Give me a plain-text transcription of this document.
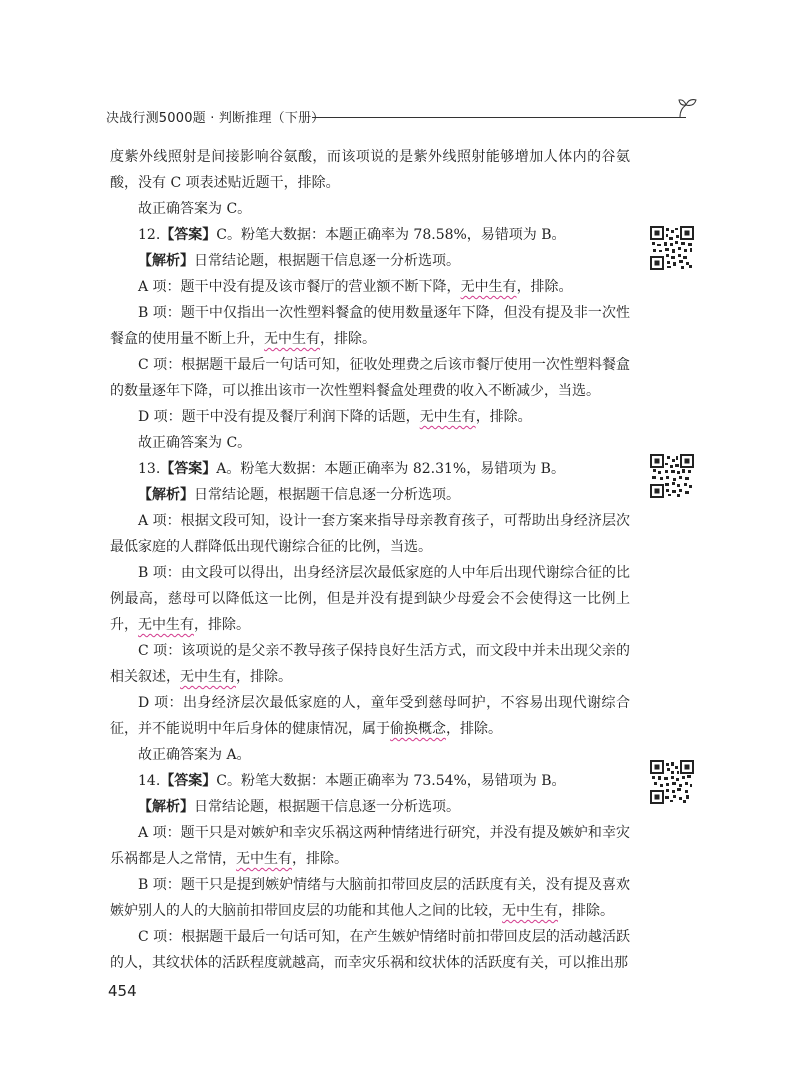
决战行测5000题 · 判断推理（下册）

度紫外线照射是间接影响谷氨酸，而该项说的是紫外线照射能够增加人体内的谷氨酸，没有 C 项表述贴近题干，排除。

故正确答案为 C。

12.【答案】C。粉笔大数据：本题正确率为 78.58%，易错项为 B。

【解析】日常结论题，根据题干信息逐一分析选项。

A 项：题干中没有提及该市餐厅的营业额不断下降，无中生有，排除。

B 项：题干中仅指出一次性塑料餐盒的使用数量逐年下降，但没有提及非一次性餐盒的使用量不断上升，无中生有，排除。

C 项：根据题干最后一句话可知，征收处理费之后该市餐厅使用一次性塑料餐盒的数量逐年下降，可以推出该市一次性塑料餐盒处理费的收入不断减少，当选。

D 项：题干中没有提及餐厅利润下降的话题，无中生有，排除。

故正确答案为 C。

13.【答案】A。粉笔大数据：本题正确率为 82.31%，易错项为 B。

【解析】日常结论题，根据题干信息逐一分析选项。

A 项：根据文段可知，设计一套方案来指导母亲教育孩子，可帮助出身经济层次最低家庭的人群降低出现代谢综合征的比例，当选。

B 项：由文段可以得出，出身经济层次最低家庭的人中年后出现代谢综合征的比例最高，慈母可以降低这一比例，但是并没有提到缺少母爱会不会使得这一比例上升，无中生有，排除。

C 项：该项说的是父亲不教导孩子保持良好生活方式，而文段中并未出现父亲的相关叙述，无中生有，排除。

D 项：出身经济层次最低家庭的人，童年受到慈母呵护，不容易出现代谢综合征，并不能说明中年后身体的健康情况，属于偷换概念，排除。

故正确答案为 A。

14.【答案】C。粉笔大数据：本题正确率为 73.54%，易错项为 B。

【解析】日常结论题，根据题干信息逐一分析选项。

A 项：题干只是对嫉妒和幸灾乐祸这两种情绪进行研究，并没有提及嫉妒和幸灾乐祸都是人之常情，无中生有，排除。

B 项：题干只是提到嫉妒情绪与大脑前扣带回皮层的活跃度有关，没有提及喜欢嫉妒别人的人的大脑前扣带回皮层的功能和其他人之间的比较，无中生有，排除。

C 项：根据题干最后一句话可知，在产生嫉妒情绪时前扣带回皮层的活动越活跃的人，其纹状体的活跃程度就越高，而幸灾乐祸和纹状体的活跃度有关，可以推出那

454
